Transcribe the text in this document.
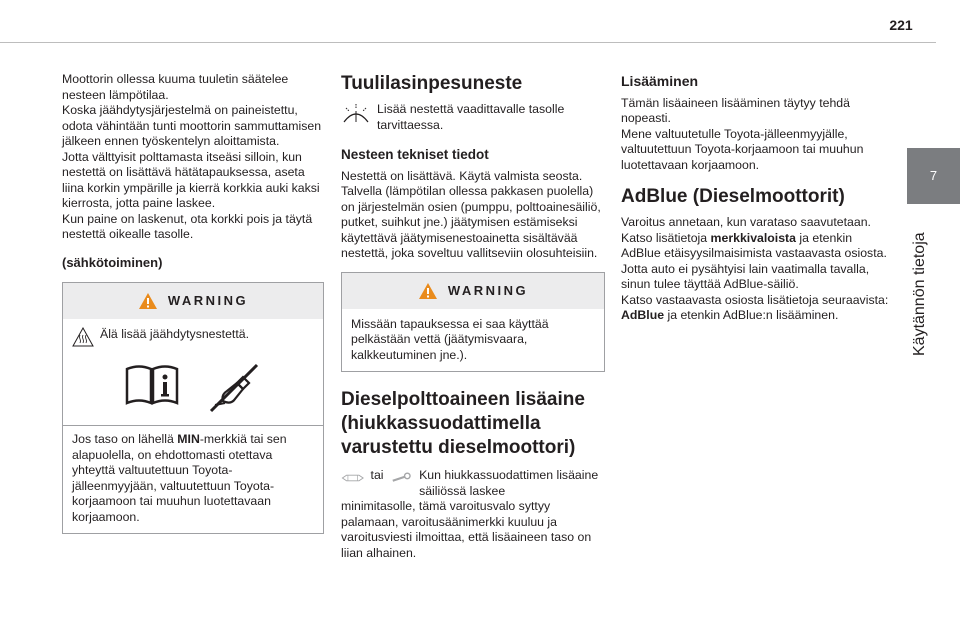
221
7
Käytännön tietoja

Moottorin ollessa kuuma tuuletin säätelee nesteen lämpötilaa.

Koska jäähdytysjärjestelmä on paineistettu, odota vähintään tunti moottorin sammuttamisen jälkeen ennen työskentelyn aloittamista.

Jotta välttyisit polttamasta itseäsi silloin, kun nestettä on lisättävä hätätapauksessa, aseta liina korkin ympärille ja kierrä korkkia auki kaksi kierrosta, jotta paine laskee.

Kun paine on laskenut, ota korkki pois ja täytä nestettä oikealle tasolle.

(sähkötoiminen)
WARNING
Älä lisää jäähdytysnestettä.

Jos taso on lähellä MIN-merkkiä tai sen alapuolella, on ehdottomasti otettava yhteyttä valtuutettuun Toyota-jälleenmyyjään, valtuutettuun Toyota-korjaamoon tai muuhun luotettavaan korjaamoon.

Tuulilasinpesuneste
Lisää nestettä vaadittavalle tasolle tarvittaessa.
Nesteen tekniset tiedot

Nestettä on lisättävä. Käytä valmista seosta. Talvella (lämpötilan ollessa pakkasen puolella) on järjestelmän osien (pumppu, polttoainesäiliö, putket, suihkut jne.) jäätymisen estämiseksi käytettävä jäätymisenestoainetta sisältävää nestettä, joka soveltuu vallitseviin olosuhteisiin.

WARNING

Missään tapauksessa ei saa käyttää pelkästään vettä (jäätymisvaara, kalkkeutuminen jne.).

Dieselpolttoaineen lisäaine (hiukkassuodattimella varustettu dieselmoottori)
tai	Kun hiukkassuodattimen lisäaine säiliössä laskee

minimitasolle, tämä varoitusvalo syttyy palamaan, varoitusäänimerkki kuuluu ja varoitusviesti ilmoittaa, että lisäaineen taso on liian alhainen.

Lisääminen

Tämän lisäaineen lisääminen täytyy tehdä nopeasti.

Mene valtuutetulle Toyota-jälleenmyyjälle, valtuutettuun Toyota-korjaamoon tai muuhun luotettavaan korjaamoon.

AdBlue (Dieselmoottorit)

Varoitus annetaan, kun varataso saavutetaan.

Katso lisätietoja merkkivaloista ja etenkin AdBlue etäisyysilmaisimista vastaavasta osiosta.

Jotta auto ei pysähtyisi lain vaatimalla tavalla, sinun tulee täyttää AdBlue-säiliö.

Katso vastaavasta osiosta lisätietoja seuraavista: AdBlue ja etenkin AdBlue:n lisääminen.
